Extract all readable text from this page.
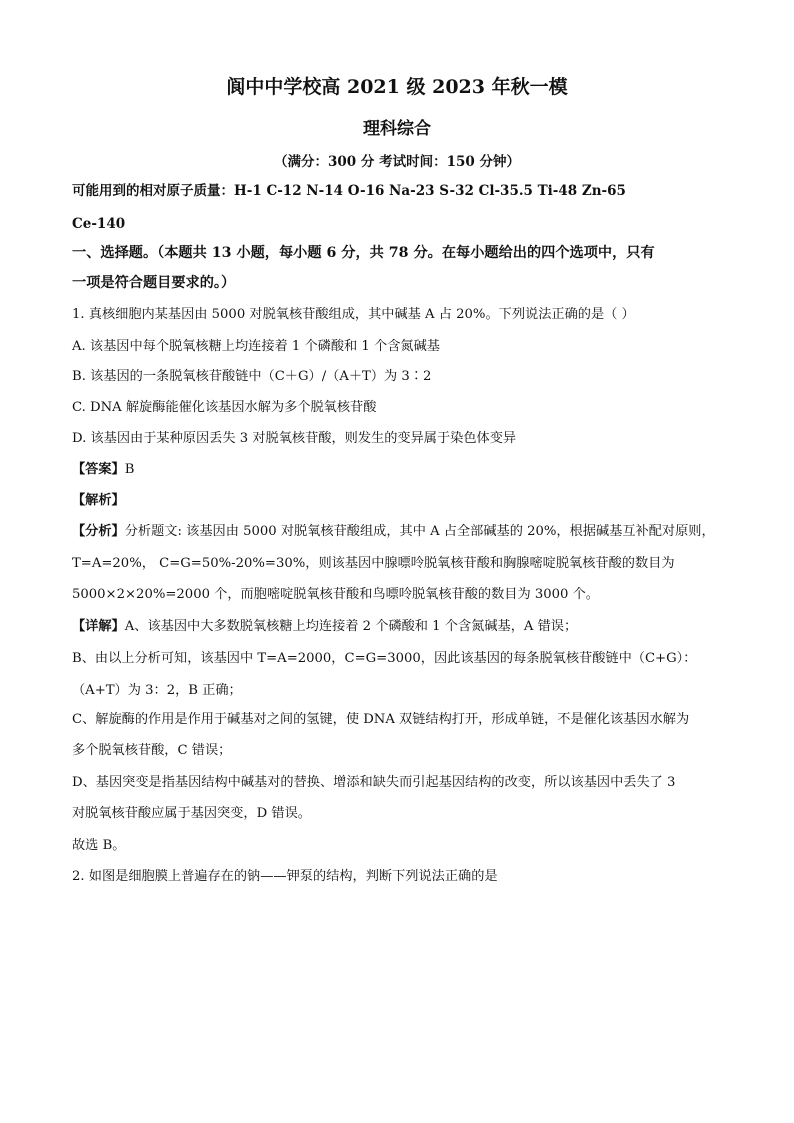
阆中中学校高 2021 级 2023 年秋一模
理科综合
（满分：300 分 考试时间：150 分钟）
可能用到的相对原子质量：H-1 C-12 N-14 O-16 Na-23 S-32 Cl-35.5 Ti-48 Zn-65
Ce-140
一、选择题。（本题共 13 小题，每小题 6 分，共 78 分。在每小题给出的四个选项中，只有
一项是符合题目要求的。）
1. 真核细胞内某基因由 5000 对脱氧核苷酸组成，其中碱基 A 占 20%。下列说法正确的是（ ）
A. 该基因中每个脱氧核糖上均连接着 1 个磷酸和 1 个含氮碱基
B. 该基因的一条脱氧核苷酸链中（C＋G）/（A＋T）为 3∶2
C. DNA 解旋酶能催化该基因水解为多个脱氧核苷酸
D. 该基因由于某种原因丢失 3 对脱氧核苷酸，则发生的变异属于染色体变异
【答案】B
【解析】
【分析】分析题文: 该基因由 5000 对脱氧核苷酸组成，其中 A 占全部碱基的 20%，根据碱基互补配对原则，
T=A=20%， C=G=50%-20%=30%，则该基因中腺嘌呤脱氧核苷酸和胸腺嘧啶脱氧核苷酸的数目为
5000×2×20%=2000 个，而胞嘧啶脱氧核苷酸和鸟嘌呤脱氧核苷酸的数目为 3000 个。
【详解】A、该基因中大多数脱氧核糖上均连接着 2 个磷酸和 1 个含氮碱基，A 错误；
B、由以上分析可知，该基因中 T=A=2000，C=G=3000，因此该基因的每条脱氧核苷酸链中（C+G）：
（A+T）为 3：2，B 正确；
C、解旋酶的作用是作用于碱基对之间的氢键，使 DNA 双链结构打开，形成单链，不是催化该基因水解为
多个脱氧核苷酸，C 错误；
D、基因突变是指基因结构中碱基对的替换、增添和缺失而引起基因结构的改变，所以该基因中丢失了 3
对脱氧核苷酸应属于基因突变，D 错误。
故选 B。
2. 如图是细胞膜上普遍存在的钠——钾泵的结构，判断下列说法正确的是
